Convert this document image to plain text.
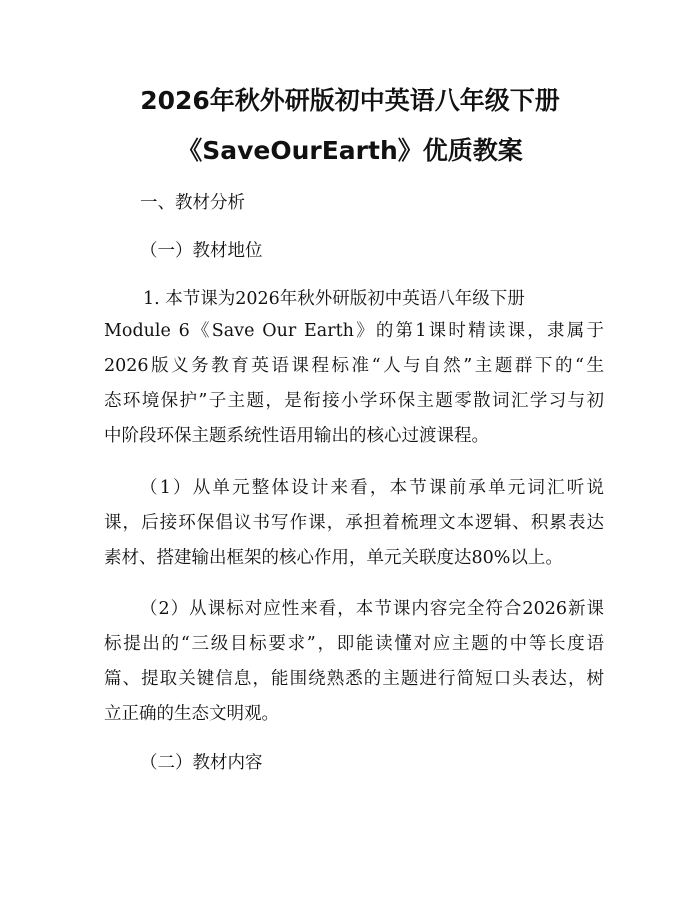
2026年秋外研版初中英语八年级下册
《SaveOurEarth》优质教案

一、教材分析

（一）教材地位

1. 本节课为2026年秋外研版初中英语八年级下册

Module 6《Save Our Earth》的第1课时精读课，隶属于

2026版义务教育英语课程标准“人与自然”主题群下的“生

态环境保护”子主题，是衔接小学环保主题零散词汇学习与初

中阶段环保主题系统性语用输出的核心过渡课程。

（1）从单元整体设计来看，本节课前承单元词汇听说

课，后接环保倡议书写作课，承担着梳理文本逻辑、积累表达

素材、搭建输出框架的核心作用，单元关联度达80%以上。

（2）从课标对应性来看，本节课内容完全符合2026新课

标提出的“三级目标要求”，即能读懂对应主题的中等长度语

篇、提取关键信息，能围绕熟悉的主题进行简短口头表达，树

立正确的生态文明观。

（二）教材内容
